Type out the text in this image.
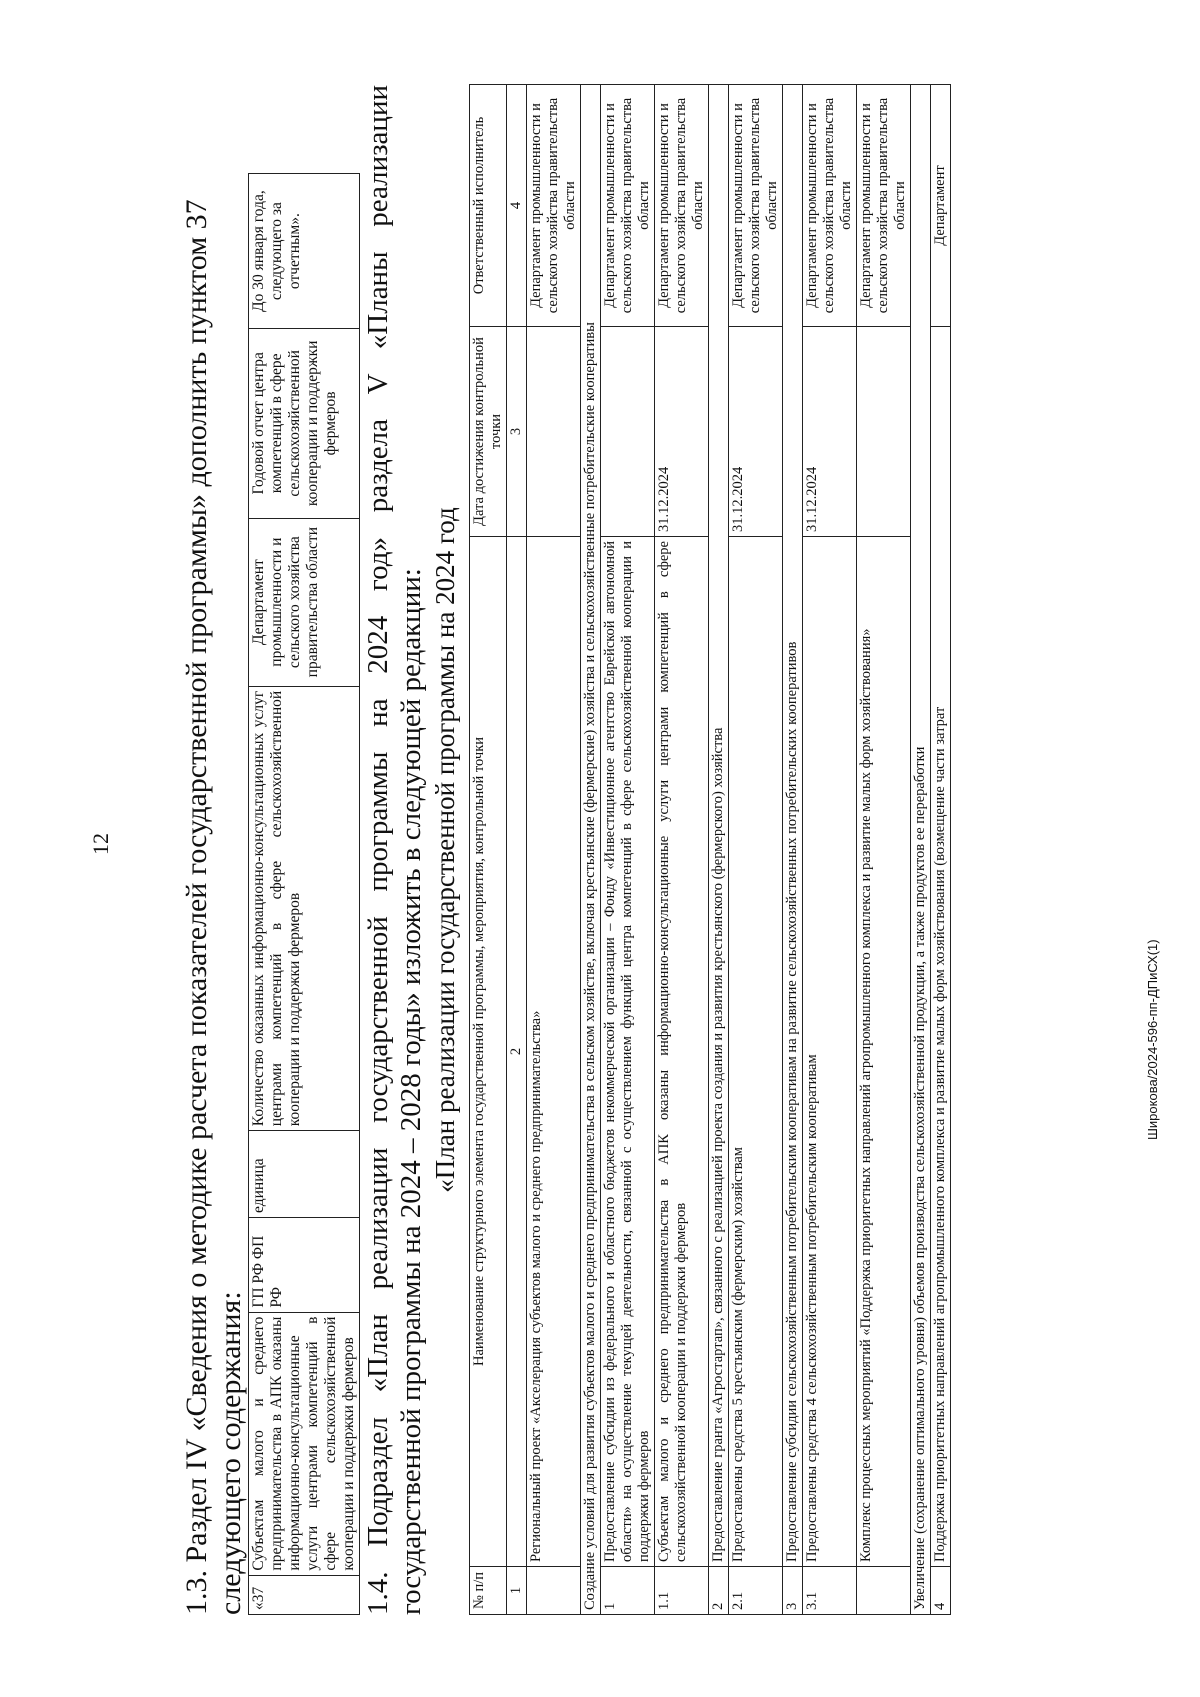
12
Широкова/2024-596-пп-ДПиСХ(1)

1.3. Раздел IV «Сведения о методике расчета показателей государственной программы» дополнить пунктом 37 следующего содержания: «37	Субъектам малого и среднего предпринимательства в АПК оказаны информационно-консультационные услуги центрами компетенций в сфере сельскохозяйственной кооперации и поддержки фермеров	ГП РФ ФП РФ	единица	Количество оказанных информационно-консультационных услуг центрами компетенций в сфере сельскохозяйственной кооперации и поддержки фермеров	Департамент промышленности и сельского хозяйства правительства области	Годовой отчет центра компетенций в сфере сельскохозяйственной кооперации и поддержки фермеров	До 30 января года, следующего за отчетным». 1.4. Подраздел «План реализации государственной программы на 2024 год» раздела V «Планы реализации государственной программы на 2024 – 2028 годы» изложить в следующей редакции: «План реализации государственной программы на 2024 год

№ п/п	Наименование структурного элемента государственной программы, мероприятия, контрольной точки	Дата достижения контрольной точки	Ответственный исполнитель
1	2	3	4
	Региональный проект «Акселерация субъектов малого и среднего предпринимательства»		Департамент промышленности и сельского хозяйства правительства области
Создание условий для развития субъектов малого и среднего предпринимательства в сельском хозяйстве, включая крестьянские (фермерские) хозяйства и сельскохозяйственные потребительские кооперативы			
1	Предоставление субсидии из федерального и областного бюджетов некоммерческой организации – Фонду «Инвестиционное агентство Еврейской автономной области» на осуществление текущей деятельности, связанной с осуществлением функций центра компетенций в сфере сельскохозяйственной кооперации и поддержки фермеров		Департамент промышленности и сельского хозяйства правительства области
1.1	Субъектам малого и среднего предпринимательства в АПК оказаны информационно-консультационные услуги центрами компетенций в сфере сельскохозяйственной кооперации и поддержки фермеров	31.12.2024	Департамент промышленности и сельского хозяйства правительства области
2	Предоставление гранта «Агростартап», связанного с реализацией проекта создания и развития крестьянского (фермерского) хозяйства		
2.1	Предоставлены средства 5 крестьянским (фермерским) хозяйствам	31.12.2024	Департамент промышленности и сельского хозяйства правительства области
3	Предоставление субсидии сельскохозяйственным потребительским кооперативам на развитие сельскохозяйственных потребительских кооперативов		
3.1	Предоставлены средства 4 сельскохозяйственным потребительским кооперативам	31.12.2024	Департамент промышленности и сельского хозяйства правительства области
	Комплекс процессных мероприятий «Поддержка приоритетных направлений агропромышленного комплекса и развитие малых форм хозяйствования»		Департамент промышленности и сельского хозяйства правительства области
Увеличение (сохранение оптимального уровня) объемов производства сельскохозяйственной продукции, а также продуктов ее переработки			
4	Поддержка приоритетных направлений агропромышленного комплекса и развитие малых форм хозяйствования (возмещение части затрат		Департамент
